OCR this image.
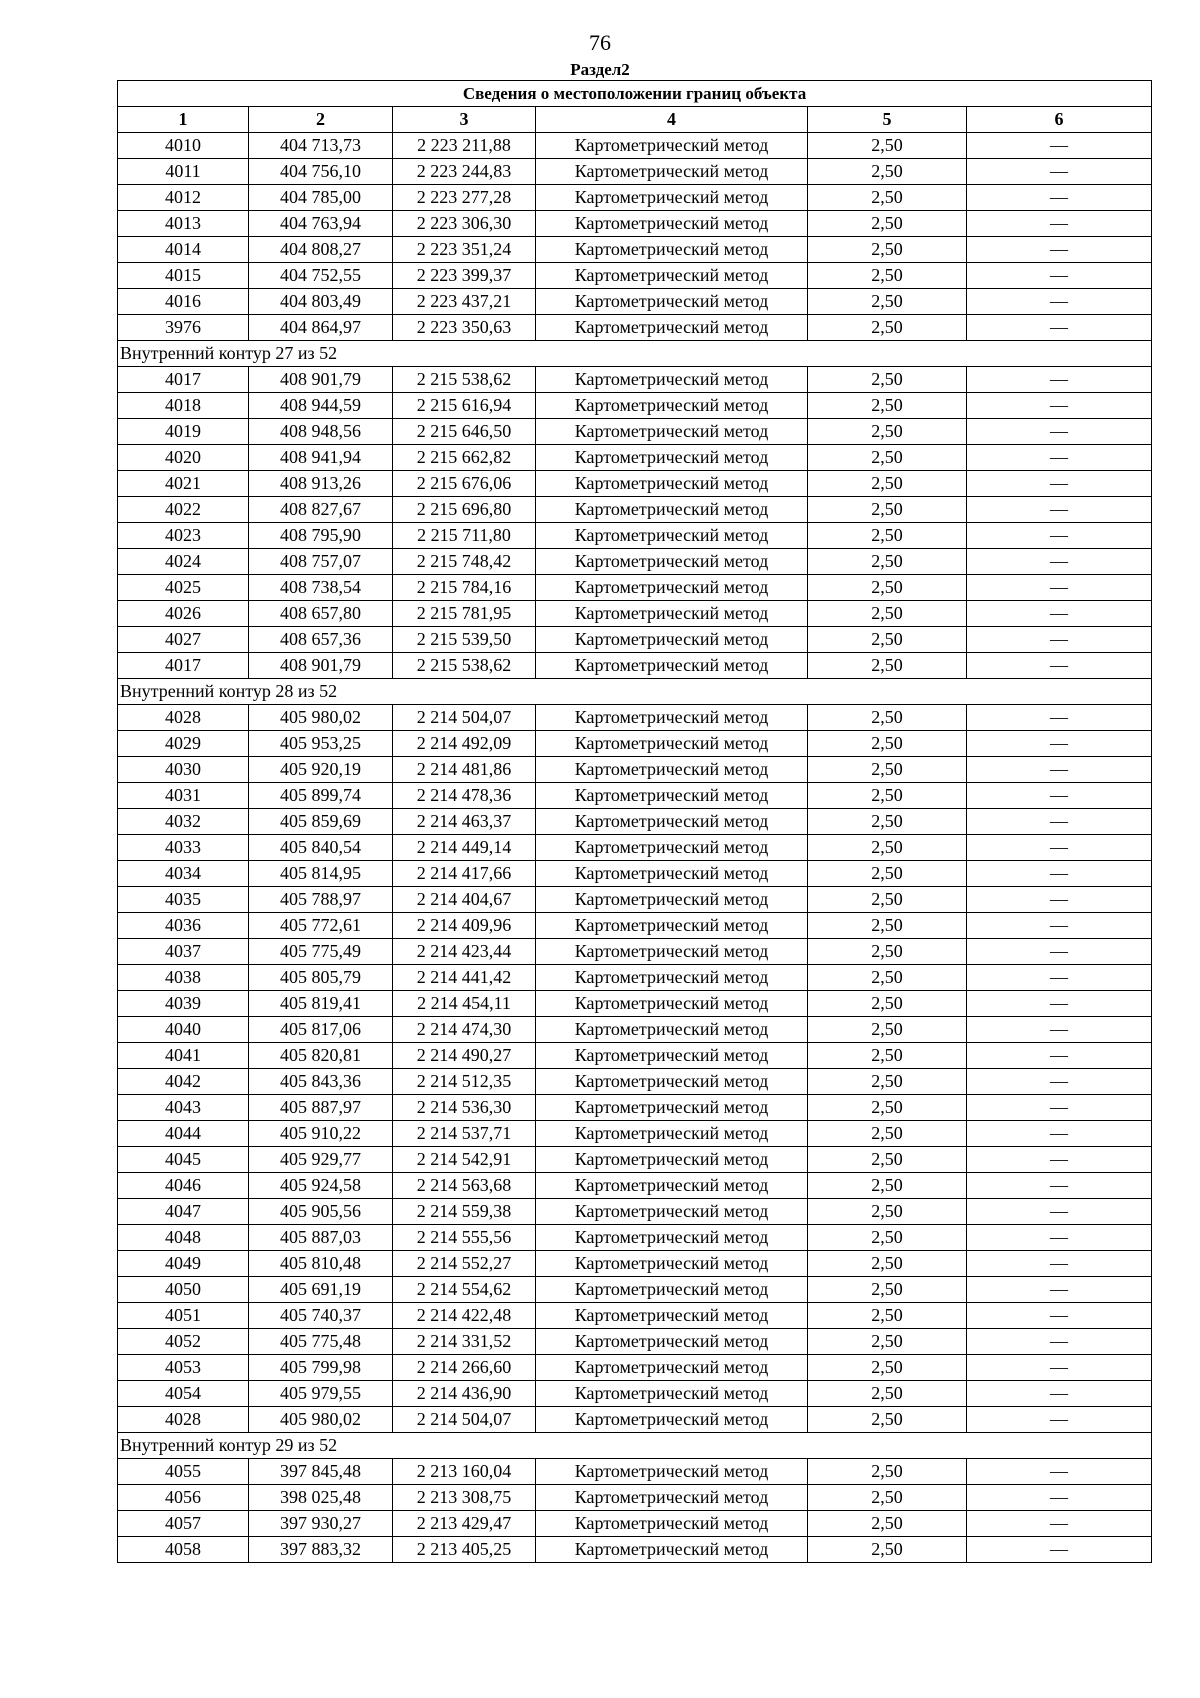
76
Раздел2
Сведения о местоположении границ объекта					
1	2	3	4	5	6
4010	404 713,73	2 223 211,88	Картометрический метод	2,50	—
4011	404 756,10	2 223 244,83	Картометрический метод	2,50	—
4012	404 785,00	2 223 277,28	Картометрический метод	2,50	—
4013	404 763,94	2 223 306,30	Картометрический метод	2,50	—
4014	404 808,27	2 223 351,24	Картометрический метод	2,50	—
4015	404 752,55	2 223 399,37	Картометрический метод	2,50	—
4016	404 803,49	2 223 437,21	Картометрический метод	2,50	—
3976	404 864,97	2 223 350,63	Картометрический метод	2,50	—
Внутренний контур 27 из 52					
4017	408 901,79	2 215 538,62	Картометрический метод	2,50	—
4018	408 944,59	2 215 616,94	Картометрический метод	2,50	—
4019	408 948,56	2 215 646,50	Картометрический метод	2,50	—
4020	408 941,94	2 215 662,82	Картометрический метод	2,50	—
4021	408 913,26	2 215 676,06	Картометрический метод	2,50	—
4022	408 827,67	2 215 696,80	Картометрический метод	2,50	—
4023	408 795,90	2 215 711,80	Картометрический метод	2,50	—
4024	408 757,07	2 215 748,42	Картометрический метод	2,50	—
4025	408 738,54	2 215 784,16	Картометрический метод	2,50	—
4026	408 657,80	2 215 781,95	Картометрический метод	2,50	—
4027	408 657,36	2 215 539,50	Картометрический метод	2,50	—
4017	408 901,79	2 215 538,62	Картометрический метод	2,50	—
Внутренний контур 28 из 52					
4028	405 980,02	2 214 504,07	Картометрический метод	2,50	—
4029	405 953,25	2 214 492,09	Картометрический метод	2,50	—
4030	405 920,19	2 214 481,86	Картометрический метод	2,50	—
4031	405 899,74	2 214 478,36	Картометрический метод	2,50	—
4032	405 859,69	2 214 463,37	Картометрический метод	2,50	—
4033	405 840,54	2 214 449,14	Картометрический метод	2,50	—
4034	405 814,95	2 214 417,66	Картометрический метод	2,50	—
4035	405 788,97	2 214 404,67	Картометрический метод	2,50	—
4036	405 772,61	2 214 409,96	Картометрический метод	2,50	—
4037	405 775,49	2 214 423,44	Картометрический метод	2,50	—
4038	405 805,79	2 214 441,42	Картометрический метод	2,50	—
4039	405 819,41	2 214 454,11	Картометрический метод	2,50	—
4040	405 817,06	2 214 474,30	Картометрический метод	2,50	—
4041	405 820,81	2 214 490,27	Картометрический метод	2,50	—
4042	405 843,36	2 214 512,35	Картометрический метод	2,50	—
4043	405 887,97	2 214 536,30	Картометрический метод	2,50	—
4044	405 910,22	2 214 537,71	Картометрический метод	2,50	—
4045	405 929,77	2 214 542,91	Картометрический метод	2,50	—
4046	405 924,58	2 214 563,68	Картометрический метод	2,50	—
4047	405 905,56	2 214 559,38	Картометрический метод	2,50	—
4048	405 887,03	2 214 555,56	Картометрический метод	2,50	—
4049	405 810,48	2 214 552,27	Картометрический метод	2,50	—
4050	405 691,19	2 214 554,62	Картометрический метод	2,50	—
4051	405 740,37	2 214 422,48	Картометрический метод	2,50	—
4052	405 775,48	2 214 331,52	Картометрический метод	2,50	—
4053	405 799,98	2 214 266,60	Картометрический метод	2,50	—
4054	405 979,55	2 214 436,90	Картометрический метод	2,50	—
4028	405 980,02	2 214 504,07	Картометрический метод	2,50	—
Внутренний контур 29 из 52					
4055	397 845,48	2 213 160,04	Картометрический метод	2,50	—
4056	398 025,48	2 213 308,75	Картометрический метод	2,50	—
4057	397 930,27	2 213 429,47	Картометрический метод	2,50	—
4058	397 883,32	2 213 405,25	Картометрический метод	2,50	—
